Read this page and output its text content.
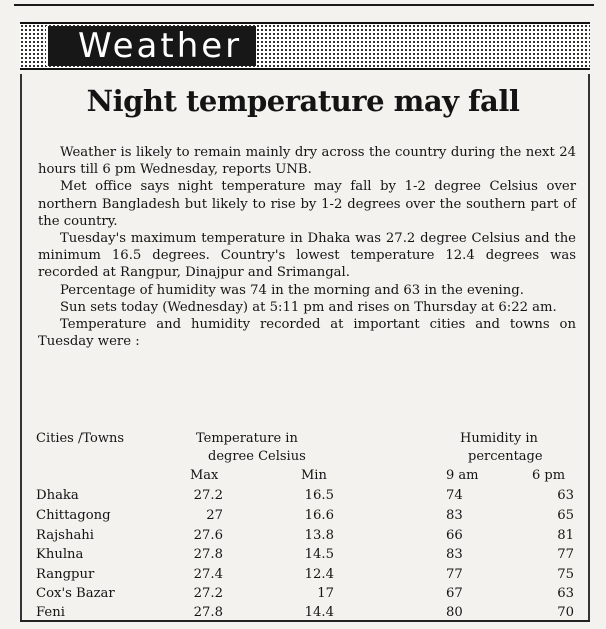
Weather
Night temperature may fall

Weather is likely to remain mainly dry across the country during the next 24 hours till 6 pm Wednesday, reports UNB.

Met office says night temperature may fall by 1-2 degree Celsius over northern Bangladesh but likely to rise by 1-2 degrees over the southern part of the country.

Tuesday's maximum temperature in Dhaka was 27.2 degree Celsius and the minimum 16.5 degrees. Country's lowest temperature 12.4 degrees was recorded at Rangpur, Dinajpur and Srimangal.

Percentage of humidity was 74 in the morning and 63 in the evening.

Sun sets today (Wednesday) at 5:11 pm and rises on Thursday at 6:22 am.

Temperature and humidity recorded at important cities and towns on Tuesday were :

Cities /Towns	Temperature in
degree Celsius
Humidity in
percentage
Max	Min	9 am	6 pm
Dhaka	27.2	16.5	74	63
Chittagong	27	16.6	83	65
Rajshahi	27.6	13.8	66	81
Khulna	27.8	14.5	83	77
Rangpur	27.4	12.4	77	75
Cox's Bazar	27.2	17	67	63
Feni	27.8	14.4	80	70
